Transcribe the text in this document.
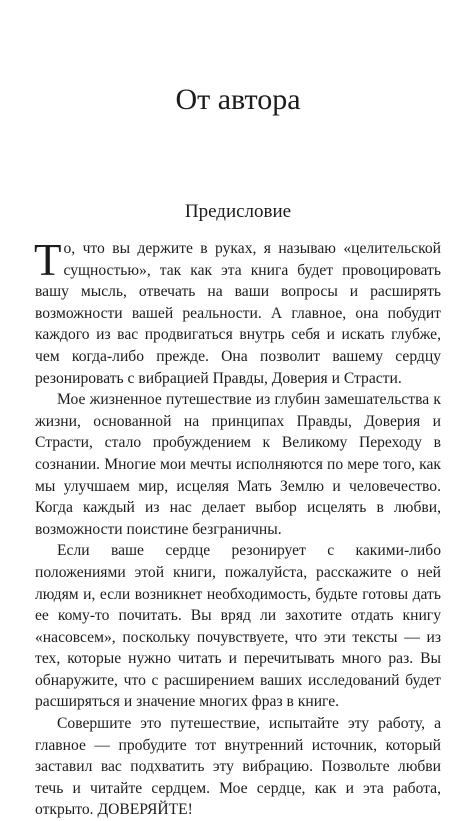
От автора
Предисловие

То, что вы держите в руках, я называю «целительской сущностью», так как эта книга будет провоцировать вашу мысль, отвечать на ваши вопросы и расширять возможности вашей реальности. А главное, она побудит каждого из вас продвигаться внутрь себя и искать глубже, чем когда-либо прежде. Она позволит вашему сердцу резонировать с вибрацией Правды, Доверия и Страсти.

Мое жизненное путешествие из глубин замешательства к жизни, основанной на принципах Правды, Доверия и Страсти, стало пробуждением к Великому Переходу в сознании. Многие мои мечты исполняются по мере того, как мы улучшаем мир, исцеляя Мать Землю и человечество. Когда каждый из нас делает выбор исцелять в любви, возможности поистине безграничны.

Если ваше сердце резонирует с какими-либо положениями этой книги, пожалуйста, расскажите о ней людям и, если возникнет необходимость, будьте готовы дать ее кому-то почитать. Вы вряд ли захотите отдать книгу «насовсем», поскольку почувствуете, что эти тексты — из тех, которые нужно читать и перечитывать много раз. Вы обнаружите, что с расширением ваших исследований будет расширяться и значение многих фраз в книге.

Совершите это путешествие, испытайте эту работу, а главное — пробудите тот внутренний источник, который заставил вас подхватить эту вибрацию. Позвольте любви течь и читайте сердцем. Мое сердце, как и эта работа, открыто. ДОВЕРЯЙТЕ!
